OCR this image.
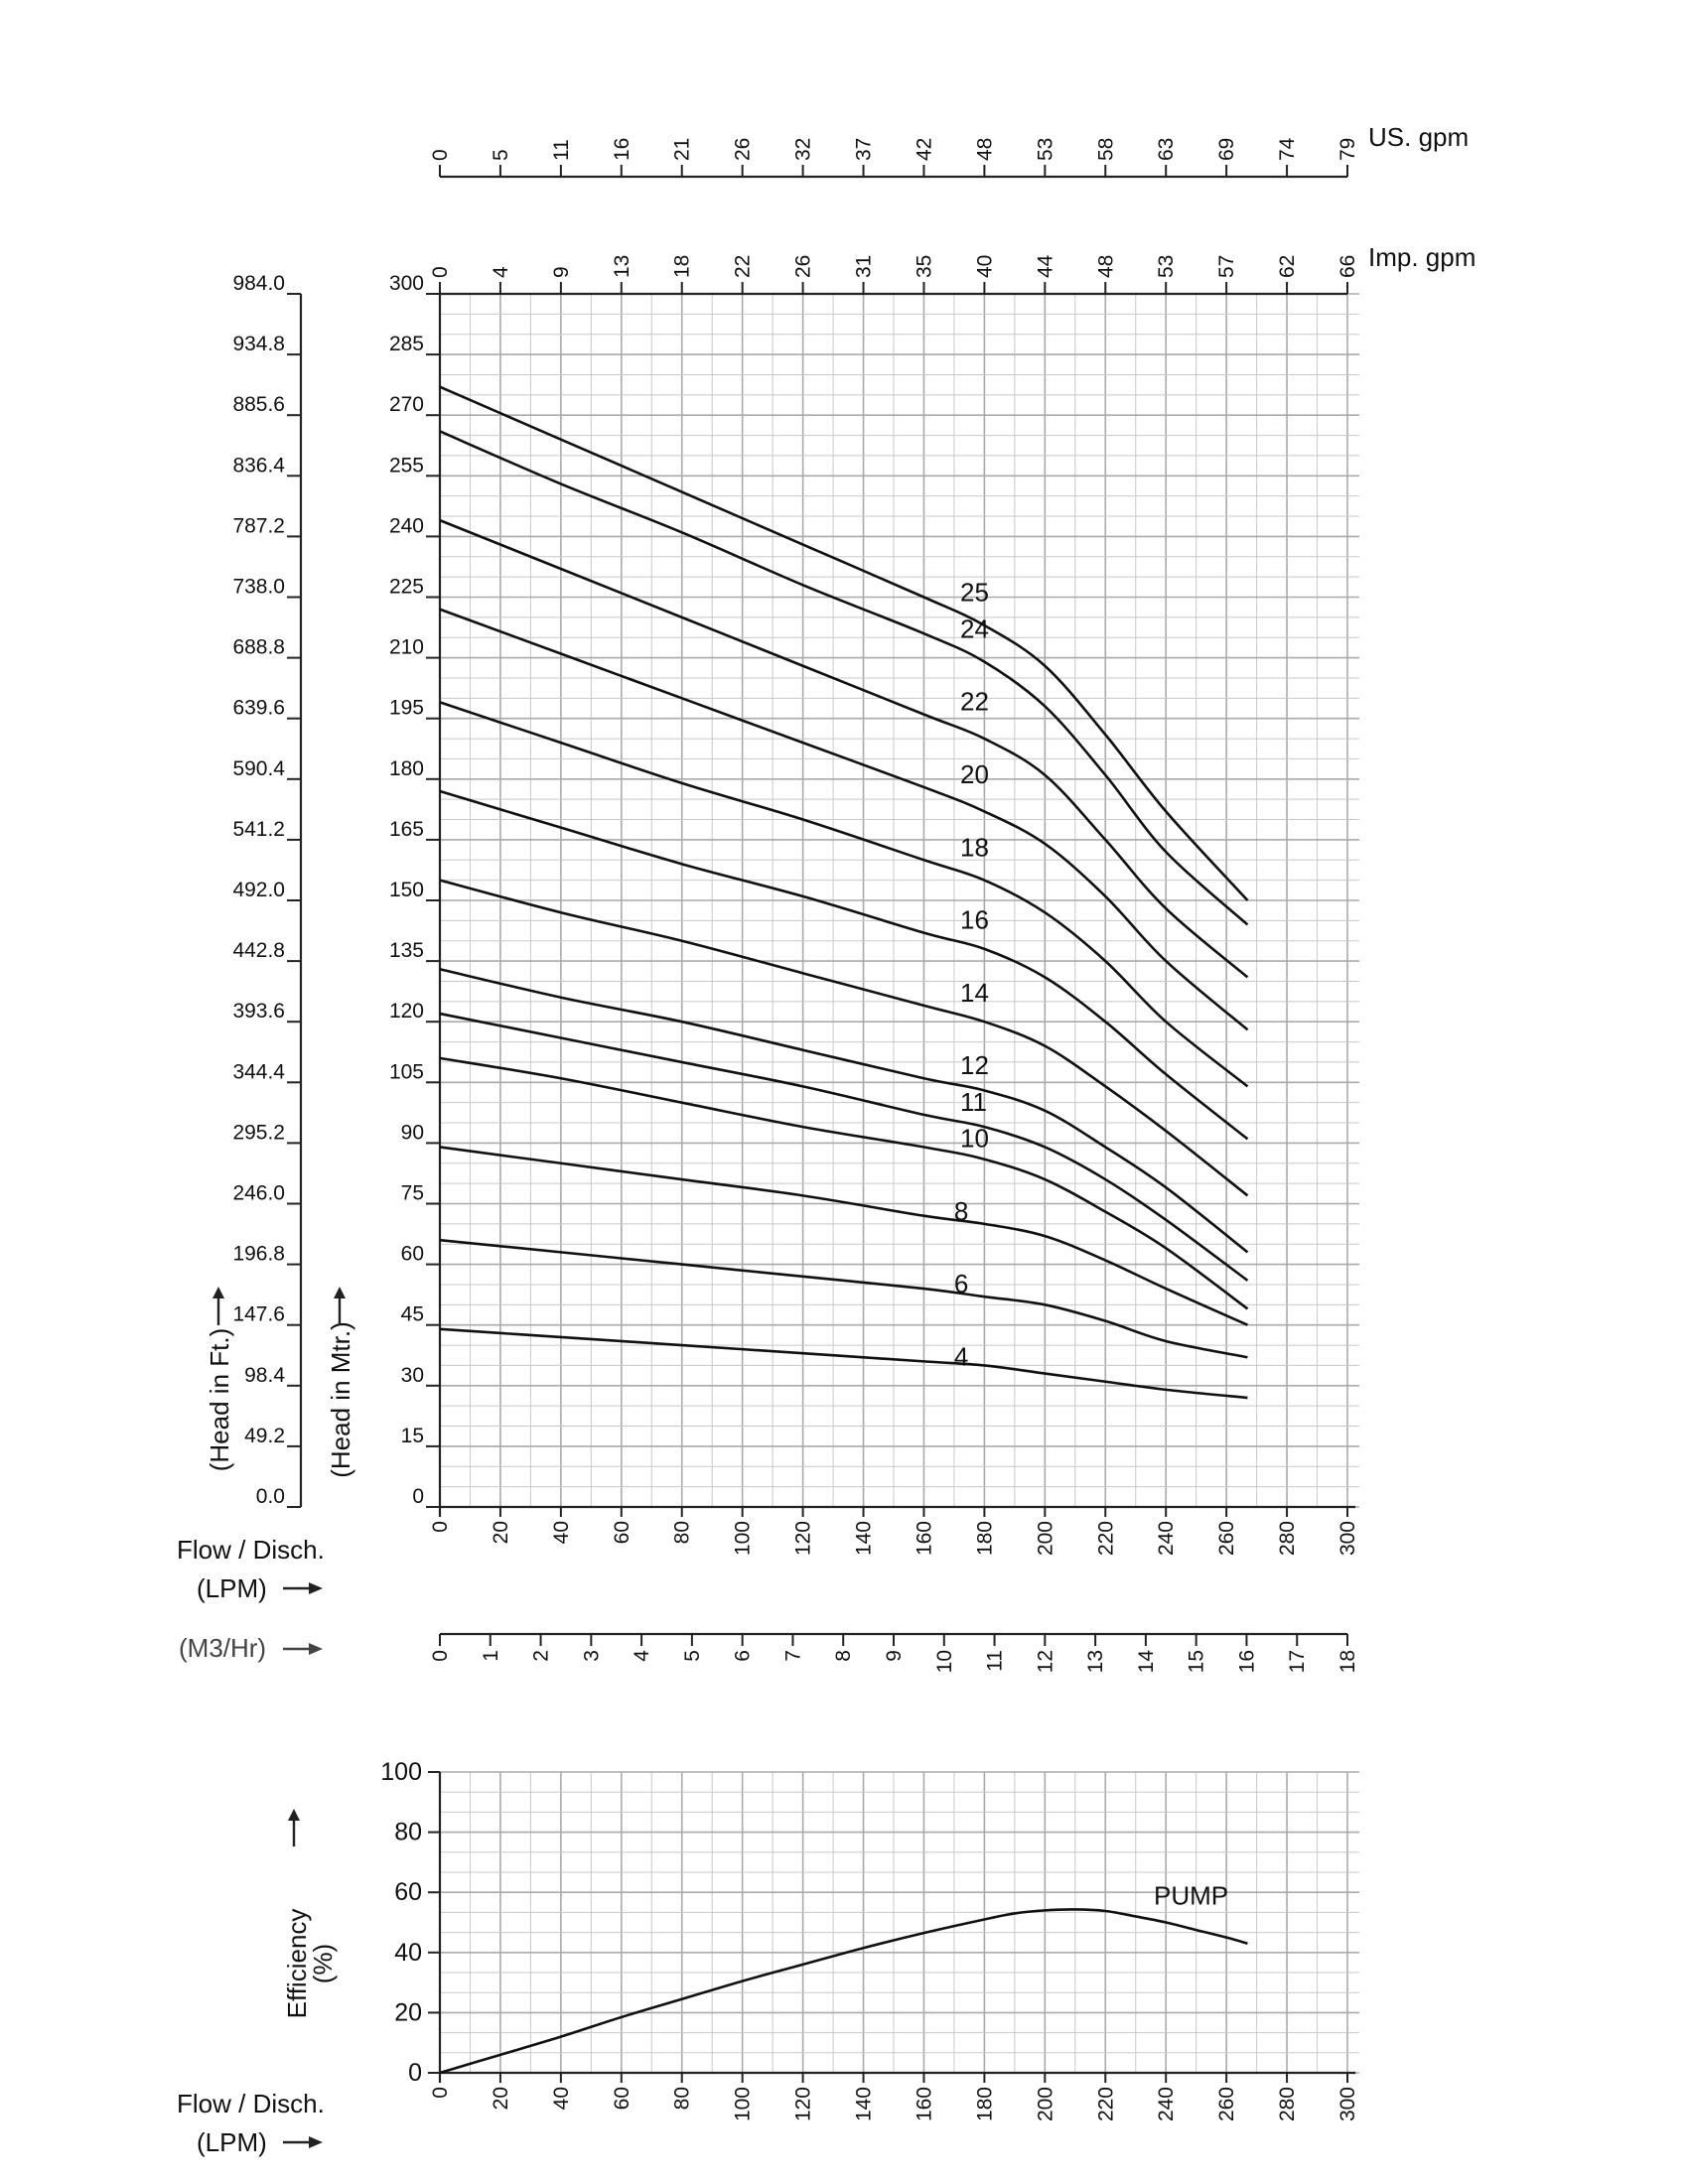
0 5 11 16 21 26 32 37 42 48 53 58 63 69 74 79
0 4 9 13 18 22 26 31 35 40 44 48 53 57 62 66
0
15
30
45
60
75
90
105
120
135
150
165
180
195
210
225
240
255
270
285
300
0.0
49.2
98.4
147.6
196.8
246.0
295.2
344.4
393.6
442.8
492.0
541.2
590.4
639.6
688.8
738.0
787.2
836.4
885.6
934.8
984.0
0 20 40 60 80 100 120 140 160 180 200 220 240 260 280 300
0 20 40 60 80 100 120 140 160 180 200 220 240 260 280 300
0 1 2 3 4 5 6 7 8 9 10 11 12 13 14 15 16 17 18
0
20
40
60
80
100
25
24
22
20
18
16
14
12
11
10
8
6
4
PUMP
US. gpm
Imp. gpm
(Head in Ft.)	(Head in Mtr.)
Flow / Disch.
(LPM)
(M3/Hr)
Efficiency
(%)
Flow / Disch.
(LPM)
